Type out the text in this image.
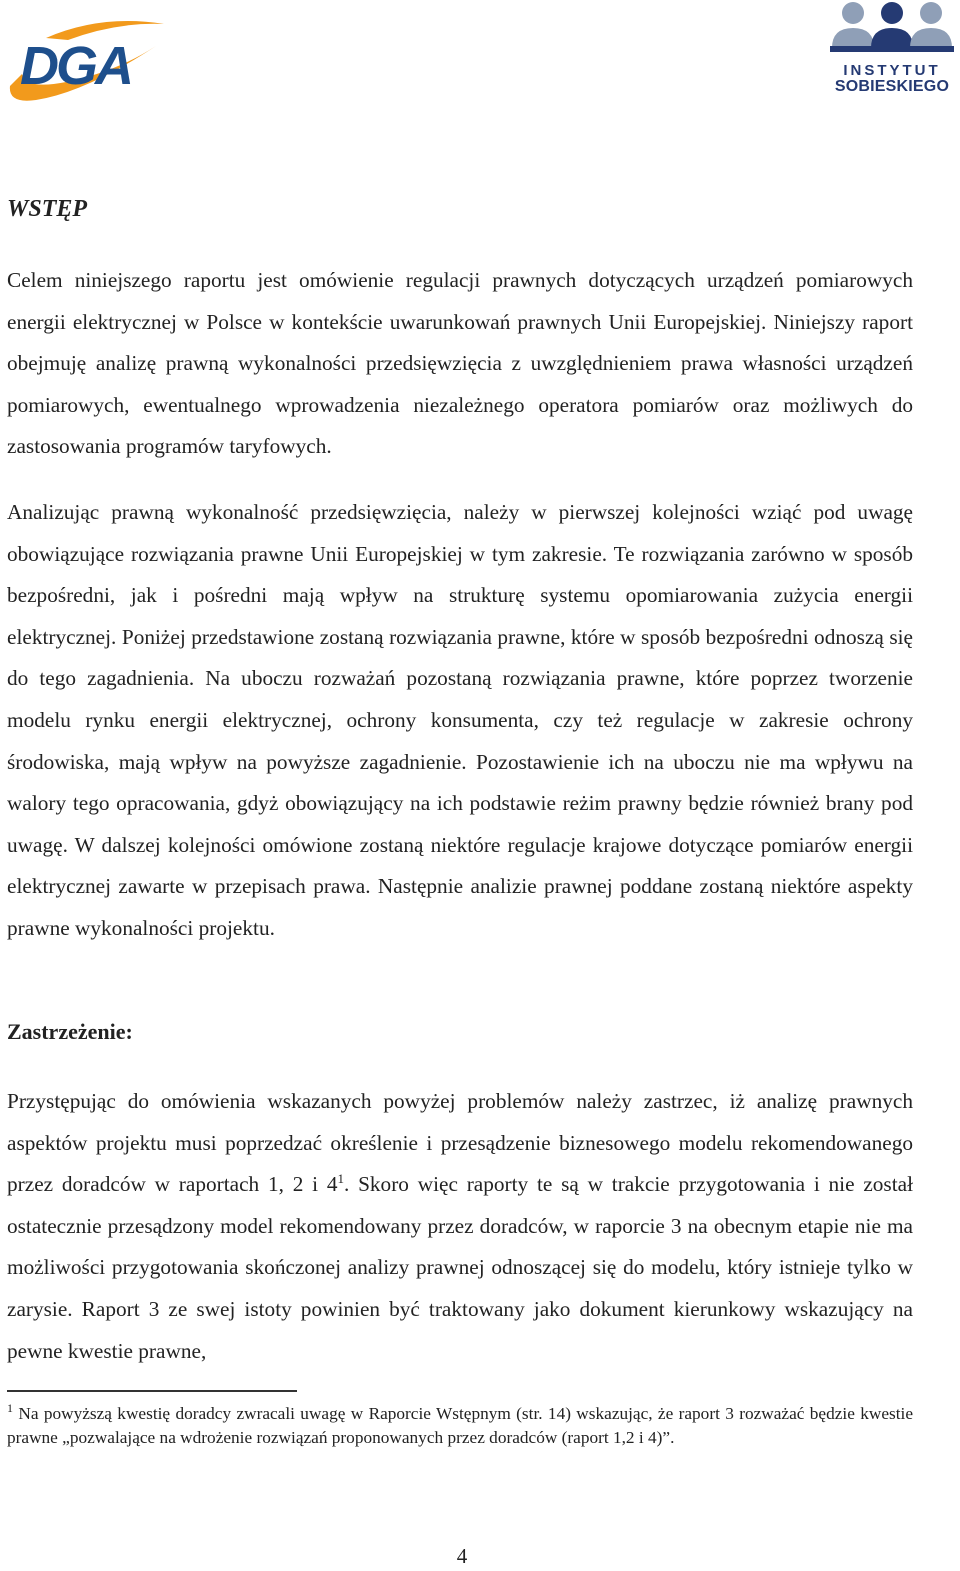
DGA	INSTYTUT
SOBIESKIEGO
WSTĘP

Celem niniejszego raportu jest omówienie regulacji prawnych dotyczących urządzeń pomiarowych energii elektrycznej w Polsce w kontekście uwarunkowań prawnych Unii Europejskiej. Niniejszy raport obejmuję analizę prawną wykonalności przedsięwzięcia z uwzględnieniem prawa własności urządzeń pomiarowych, ewentualnego wprowadzenia niezależnego operatora pomiarów oraz możliwych do zastosowania programów taryfowych.

Analizując prawną wykonalność przedsięwzięcia, należy w pierwszej kolejności wziąć pod uwagę obowiązujące rozwiązania prawne Unii Europejskiej w tym zakresie. Te rozwiązania zarówno w sposób bezpośredni, jak i pośredni mają wpływ na strukturę systemu opomiarowania zużycia energii elektrycznej. Poniżej przedstawione zostaną rozwiązania prawne, które w sposób bezpośredni odnoszą się do tego zagadnienia. Na uboczu rozważań pozostaną rozwiązania prawne, które poprzez tworzenie modelu rynku energii elektrycznej, ochrony konsumenta, czy też regulacje w zakresie ochrony środowiska, mają wpływ na powyższe zagadnienie. Pozostawienie ich na uboczu nie ma wpływu na walory tego opracowania, gdyż obowiązujący na ich podstawie reżim prawny będzie również brany pod uwagę. W dalszej kolejności omówione zostaną niektóre regulacje krajowe dotyczące pomiarów energii elektrycznej zawarte w przepisach prawa. Następnie analizie prawnej poddane zostaną niektóre aspekty prawne wykonalności projektu.

Zastrzeżenie:

Przystępując do omówienia wskazanych powyżej problemów należy zastrzec, iż analizę prawnych aspektów projektu musi poprzedzać określenie i przesądzenie biznesowego modelu rekomendowanego przez doradców w raportach 1, 2 i $4^1$. Skoro więc raporty te są w trakcie przygotowania i nie został ostatecznie przesądzony model rekomendowany przez doradców, w raporcie 3 na obecnym etapie nie ma możliwości przygotowania skończonej analizy prawnej odnoszącej się do modelu, który istnieje tylko w zarysie. Raport 3 ze swej istoty powinien być traktowany jako dokument kierunkowy wskazujący na pewne kwestie prawne,

$^1$ Na powyższą kwestię doradcy zwracali uwagę w Raporcie Wstępnym (str. 14) wskazując, że raport 3 rozważać będzie kwestie prawne „pozwalające na wdrożenie rozwiązań proponowanych przez doradców (raport 1,2 i 4)”.

4
